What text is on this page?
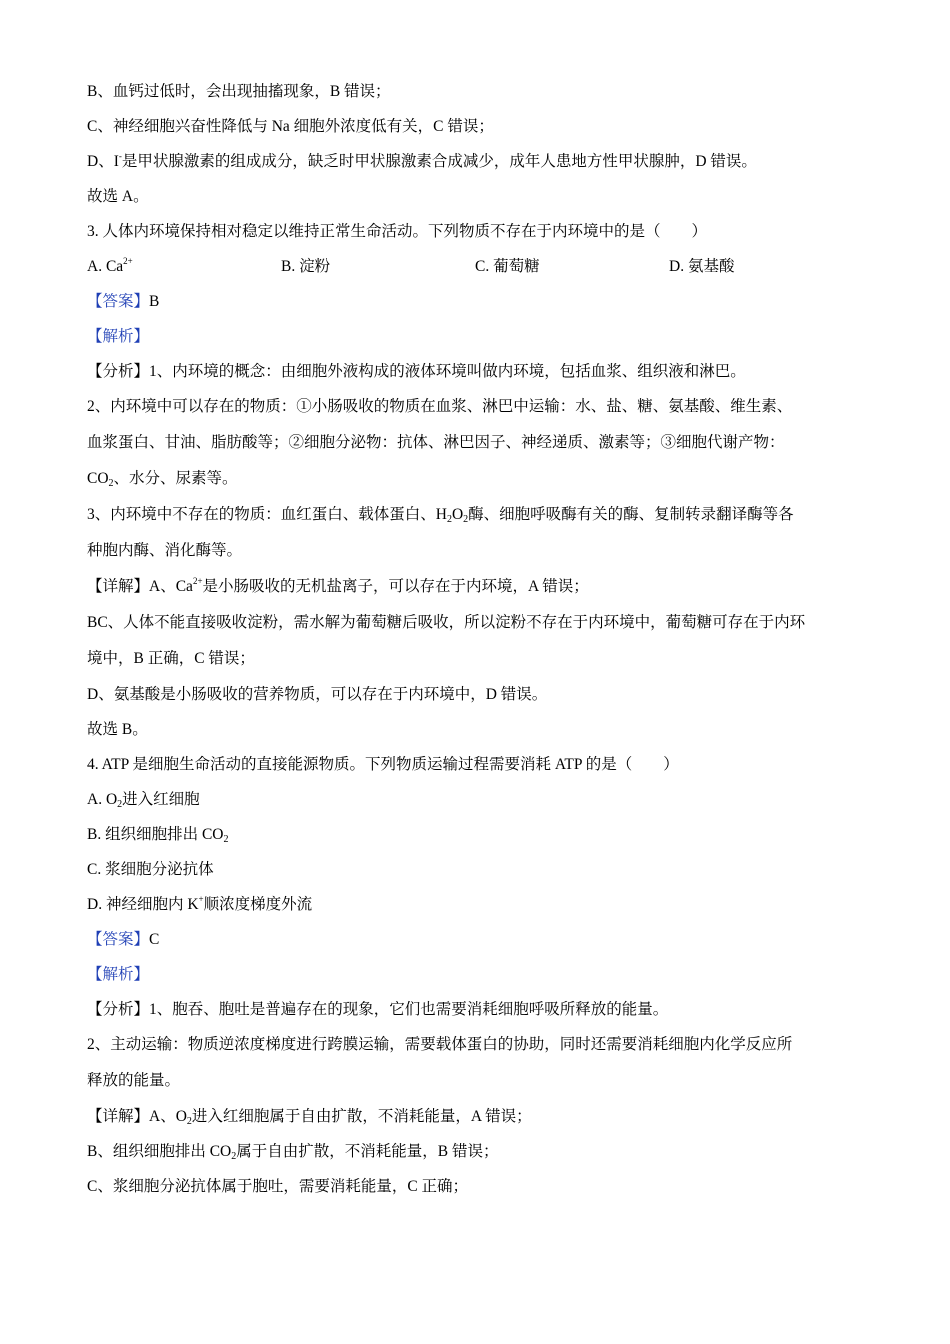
B、血钙过低时，会出现抽搐现象，B 错误；
C、神经细胞兴奋性降低与 Na 细胞外浓度低有关，C 错误；
D、I-是甲状腺激素的组成成分，缺乏时甲状腺激素合成减少，成年人患地方性甲状腺肿，D 错误。
故选 A。
3. 人体内环境保持相对稳定以维持正常生命活动。下列物质不存在于内环境中的是（　　）
A. $Ca^{2+}$	B. 淀粉	C. 葡萄糖	D. 氨基酸
【答案】B
【解析】
【分析】1、内环境的概念：由细胞外液构成的液体环境叫做内环境，包括血浆、组织液和淋巴。
2、内环境中可以存在的物质：①小肠吸收的物质在血浆、淋巴中运输：水、盐、糖、氨基酸、维生素、
血浆蛋白、甘油、脂肪酸等；②细胞分泌物：抗体、淋巴因子、神经递质、激素等；③细胞代谢产物：
$CO_2$、水分、尿素等。
3、内环境中不存在的物质：血红蛋白、载体蛋白、$H_2O_2$酶、细胞呼吸酶有关的酶、复制转录翻译酶等各
种胞内酶、消化酶等。
【详解】A、$Ca^{2+}$是小肠吸收的无机盐离子，可以存在于内环境，A 错误；
BC、人体不能直接吸收淀粉，需水解为葡萄糖后吸收，所以淀粉不存在于内环境中，葡萄糖可存在于内环
境中，B 正确，C 错误；
D、氨基酸是小肠吸收的营养物质，可以存在于内环境中，D 错误。
故选 B。
4. ATP 是细胞生命活动的直接能源物质。下列物质运输过程需要消耗 ATP 的是（　　）
A. $O_2$进入红细胞
B. 组织细胞排出 $CO_2$
C. 浆细胞分泌抗体
D. 神经细胞内 K+顺浓度梯度外流
【答案】C
【解析】
【分析】1、胞吞、胞吐是普遍存在的现象，它们也需要消耗细胞呼吸所释放的能量。
2、主动运输：物质逆浓度梯度进行跨膜运输，需要载体蛋白的协助，同时还需要消耗细胞内化学反应所
释放的能量。
【详解】A、$O_2$进入红细胞属于自由扩散，不消耗能量，A 错误；
B、组织细胞排出 $CO_2$属于自由扩散，不消耗能量，B 错误；
C、浆细胞分泌抗体属于胞吐，需要消耗能量，C 正确；
